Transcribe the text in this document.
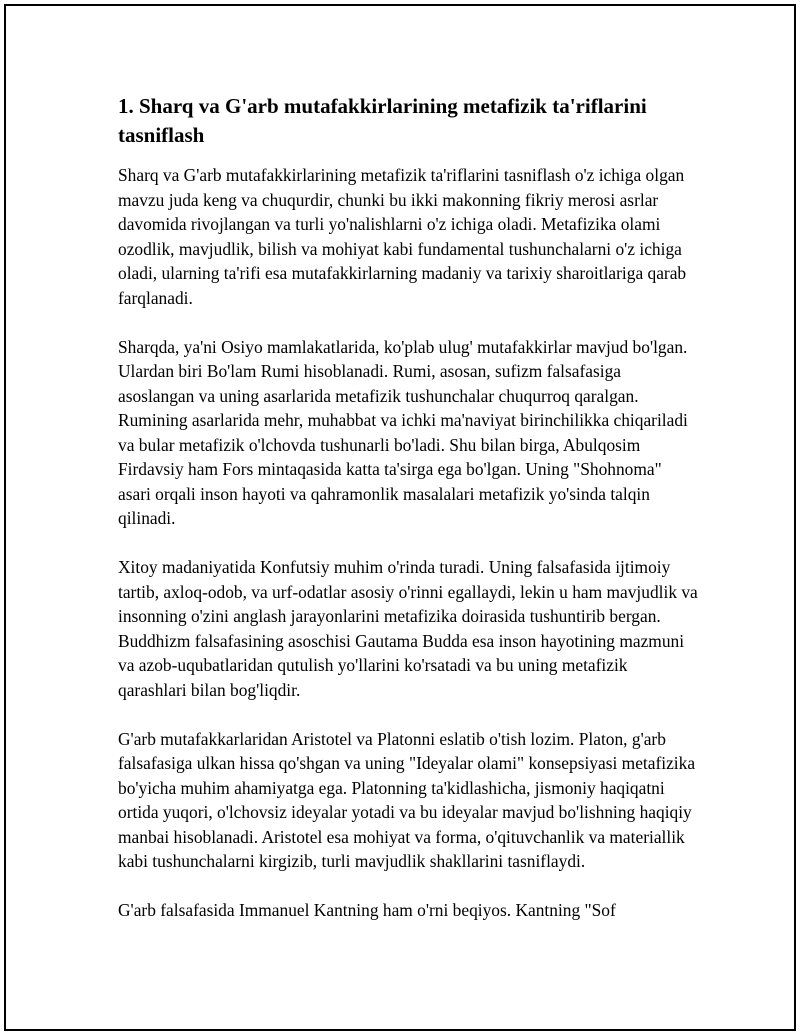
1. Sharq va G'arb mutafakkirlarining metafizik ta'riflarini tasniflash

Sharq va G'arb mutafakkirlarining metafizik ta'riflarini tasniflash o'z ichiga olgan mavzu juda keng va chuqurdir, chunki bu ikki makonning fikriy merosi asrlar davomida rivojlangan va turli yo'nalishlarni o'z ichiga oladi. Metafizika olami ozodlik, mavjudlik, bilish va mohiyat kabi fundamental tushunchalarni o'z ichiga oladi, ularning ta'rifi esa mutafakkirlarning madaniy va tarixiy sharoitlariga qarab farqlanadi.

Sharqda, ya'ni Osiyo mamlakatlarida, ko'plab ulug' mutafakkirlar mavjud bo'lgan. Ulardan biri Bo'lam Rumi hisoblanadi. Rumi, asosan, sufizm falsafasiga asoslangan va uning asarlarida metafizik tushunchalar chuqurroq qaralgan. Rumining asarlarida mehr, muhabbat va ichki ma'naviyat birinchilikka chiqariladi va bular metafizik o'lchovda tushunarli bo'ladi. Shu bilan birga, Abulqosim Firdavsiy ham Fors mintaqasida katta ta'sirga ega bo'lgan. Uning "Shohnoma" asari orqali inson hayoti va qahramonlik masalalari metafizik yo'sinda talqin qilinadi.

Xitoy madaniyatida Konfutsiy muhim o'rinda turadi. Uning falsafasida ijtimoiy tartib, axloq-odob, va urf-odatlar asosiy o'rinni egallaydi, lekin u ham mavjudlik va insonning o'zini anglash jarayonlarini metafizika doirasida tushuntirib bergan. Buddhizm falsafasining asoschisi Gautama Budda esa inson hayotining mazmuni va azob-uqubatlaridan qutulish yo'llarini ko'rsatadi va bu uning metafizik qarashlari bilan bog'liqdir.

G'arb mutafakkarlaridan Aristotel va Platonni eslatib o'tish lozim. Platon, g'arb falsafasiga ulkan hissa qo'shgan va uning "Ideyalar olami" konsepsiyasi metafizika bo'yicha muhim ahamiyatga ega. Platonning ta'kidlashicha, jismoniy haqiqatni ortida yuqori, o'lchovsiz ideyalar yotadi va bu ideyalar mavjud bo'lishning haqiqiy manbai hisoblanadi. Aristotel esa mohiyat va forma, o'qituvchanlik va materiallik kabi tushunchalarni kirgizib, turli mavjudlik shakllarini tasniflaydi.

G'arb falsafasida Immanuel Kantning ham o'rni beqiyos. Kantning "Sof
